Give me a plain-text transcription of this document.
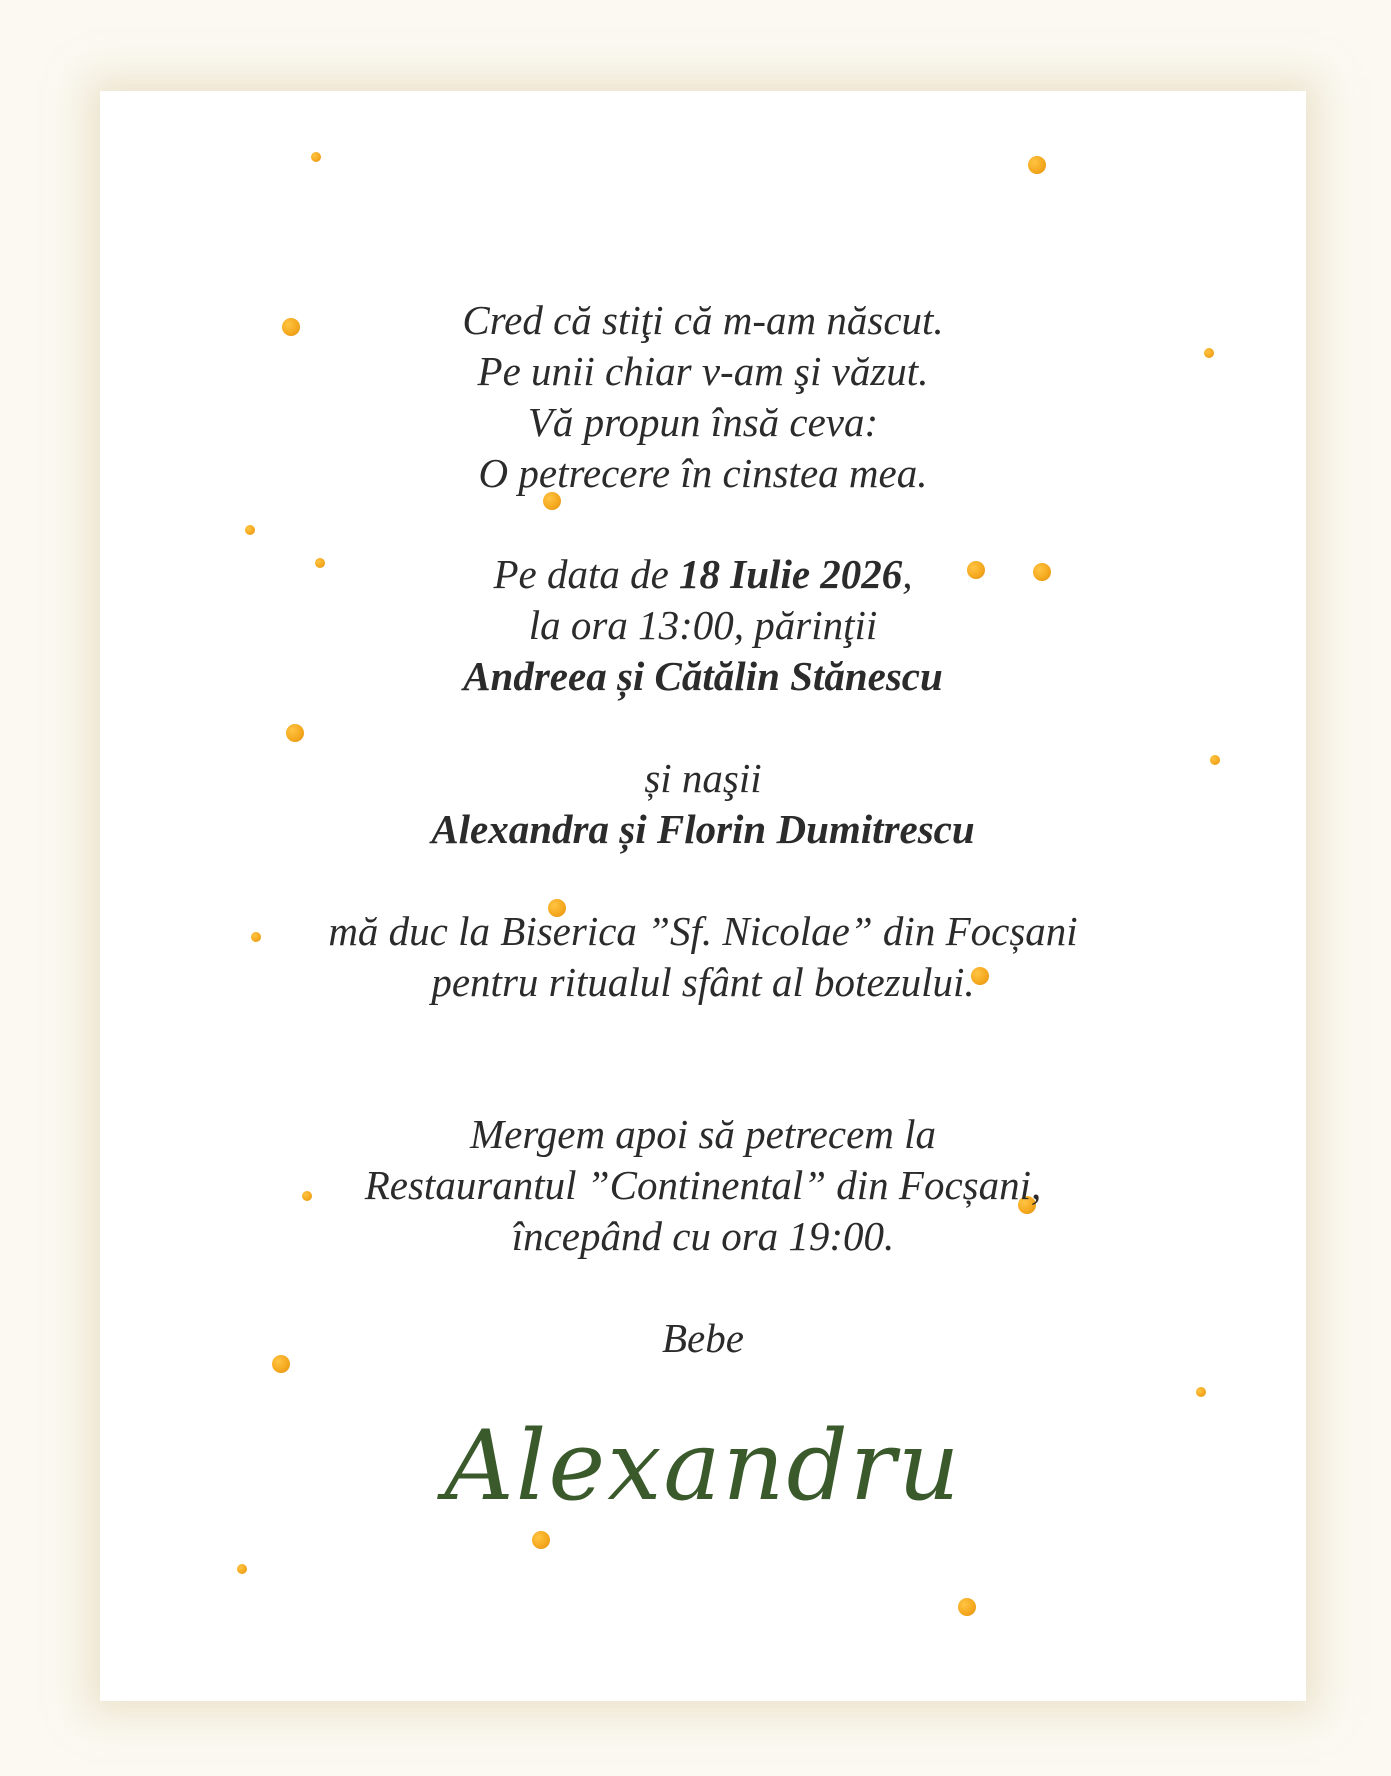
Cred că stiţi că m-am născut.

Pe unii chiar v-am şi văzut.

Vă propun însă ceva:

O petrecere în cinstea mea.

Pe data de 18 Iulie 2026,

la ora 13:00, părinţii

Andreea și Cătălin Stănescu

și naşii

Alexandra și Florin Dumitrescu

mă duc la Biserica ”Sf. Nicolae” din Focșani

pentru ritualul sfânt al botezului.

Mergem apoi să petrecem la

Restaurantul ”Continental” din Focșani,

începând cu ora 19:00.

Bebe

Alexandru
